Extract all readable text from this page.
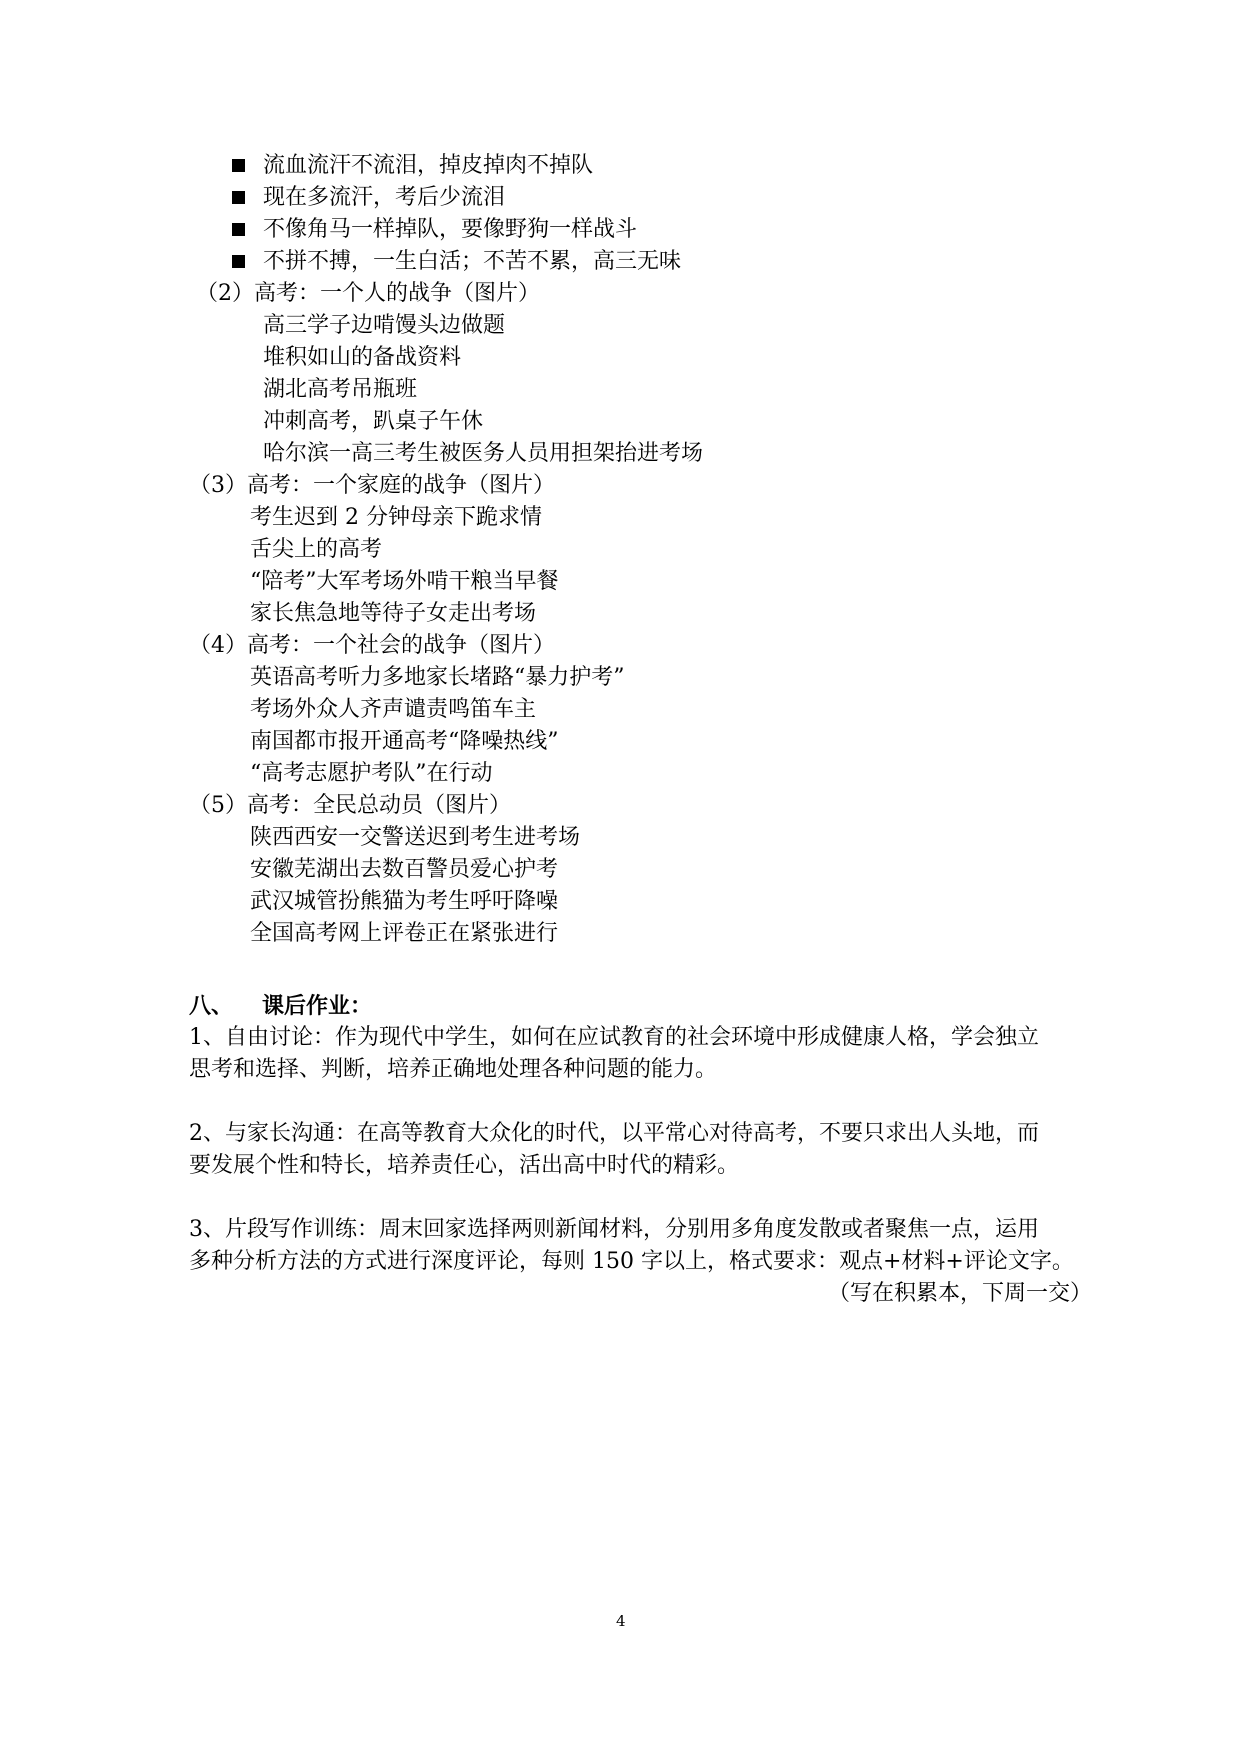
流血流汗不流泪，掉皮掉肉不掉队
现在多流汗，考后少流泪
不像角马一样掉队，要像野狗一样战斗
不拼不搏，一生白活；不苦不累，高三无味
（2）高考：一个人的战争（图片）
高三学子边啃馒头边做题
堆积如山的备战资料
湖北高考吊瓶班
冲刺高考，趴桌子午休
哈尔滨一高三考生被医务人员用担架抬进考场
（3）高考：一个家庭的战争（图片）
考生迟到 2 分钟母亲下跪求情
舌尖上的高考
“陪考”大军考场外啃干粮当早餐
家长焦急地等待子女走出考场
（4）高考：一个社会的战争（图片）
英语高考听力多地家长堵路“暴力护考”
考场外众人齐声谴责鸣笛车主
南国都市报开通高考“降噪热线”
“高考志愿护考队”在行动
（5）高考：全民总动员（图片）
陕西西安一交警送迟到考生进考场
安徽芜湖出去数百警员爱心护考
武汉城管扮熊猫为考生呼吁降噪
全国高考网上评卷正在紧张进行
八、 课后作业：
1、自由讨论：作为现代中学生，如何在应试教育的社会环境中形成健康人格，学会独立
思考和选择、判断，培养正确地处理各种问题的能力。
2、与家长沟通：在高等教育大众化的时代，以平常心对待高考，不要只求出人头地，而
要发展个性和特长，培养责任心，活出高中时代的精彩。
3、片段写作训练：周末回家选择两则新闻材料，分别用多角度发散或者聚焦一点，运用
多种分析方法的方式进行深度评论，每则 150 字以上，格式要求：观点+材料+评论文字。
（写在积累本，下周一交）
4
